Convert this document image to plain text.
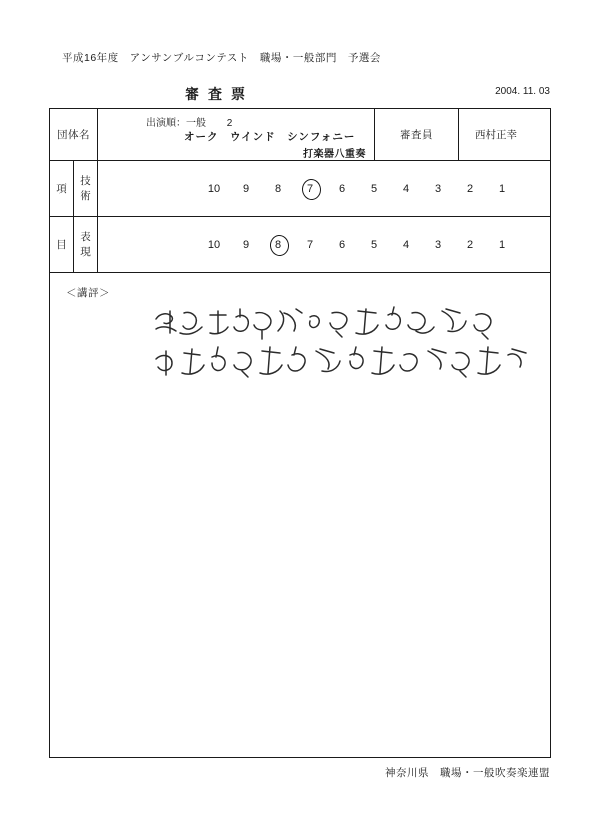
平成16年度　アンサンブルコンテスト　職場・一般部門　予選会
審査票	2004. 11. 03
団体名
出演順：一般 2
オーク　ウインド　シンフォニー
打楽器八重奏
審査員	西村正幸
項
技
術
10	9	8	7	6	5	4	3	2	1
目
表
現
10	9	8	7	6	5	4	3	2	1
＜講評＞
神奈川県　職場・一般吹奏楽連盟
